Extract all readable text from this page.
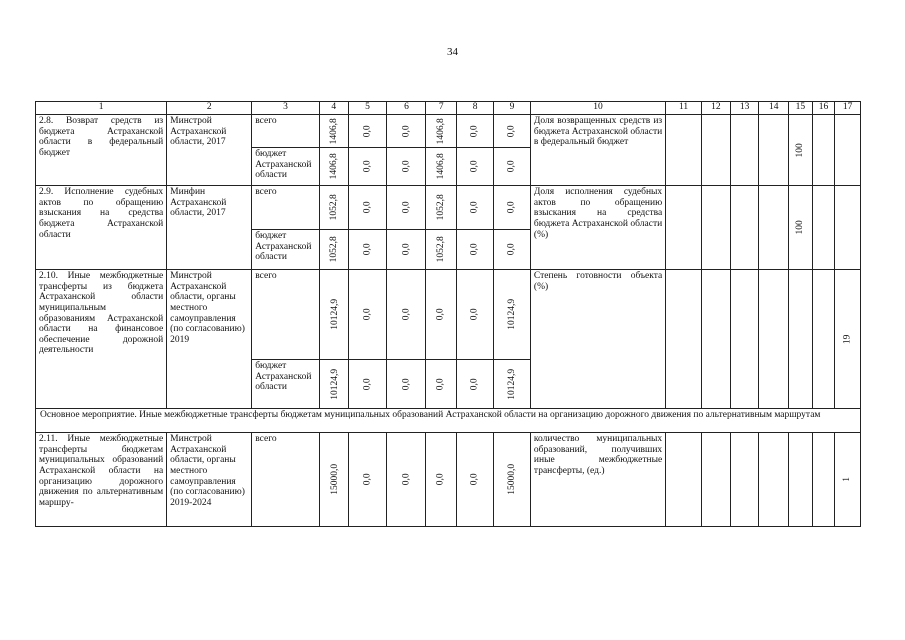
34
1	2	3	4	5	6	7	8	9	10	11	12	13	14	15	16	17
2.8. Возврат средств из бюджета Астраханской области в федеральный бюджет	Минстрой Астраханской области, 2017	всего	1406,8	0,0	0,0	1406,8	0,0	0,0	Доля возвращенных средств из бюджета Астраханской области в федеральный бюджет					100		
		бюджет Астраханской области	1406,8	0,0	0,0	1406,8	0,0	0,0								
2.9. Исполнение судебных актов по обращению взыскания на средства бюджета Астраханской области	Минфин Астраханской области, 2017	всего	1052,8	0,0	0,0	1052,8	0,0	0,0	Доля исполнения судебных актов по обращению взыскания на средства бюджета Астраханской области (%)					100		
		бюджет Астраханской области	1052,8	0,0	0,0	1052,8	0,0	0,0								
2.10. Иные межбюджетные трансферты из бюджета Астраханской области муниципальным образованиям Астраханской области на финансовое обеспечение дорожной деятельности	Минстрой Астраханской области, органы местного самоуправления (по согласованию) 2019	всего	10124,9	0,0	0,0	0,0	0,0	10124,9	Степень готовности объекта (%)							19
		бюджет Астраханской области	10124,9	0,0	0,0	0,0	0,0	10124,9								
Основное мероприятие. Иные межбюджетные трансферты бюджетам муниципальных образований Астраханской области на организацию дорожного движения по альтернативным маршрутам																
2.11. Иные межбюджетные трансферты бюджетам муниципальных образований Астраханской области на организацию дорожного движения по альтернативным маршру-	Минстрой Астраханской области, органы местного самоуправления (по согласованию) 2019-2024	всего	15000,0	0,0	0,0	0,0	0,0	15000,0	количество муниципальных образований, получивших иные межбюджетные трансферты, (ед.)							1
